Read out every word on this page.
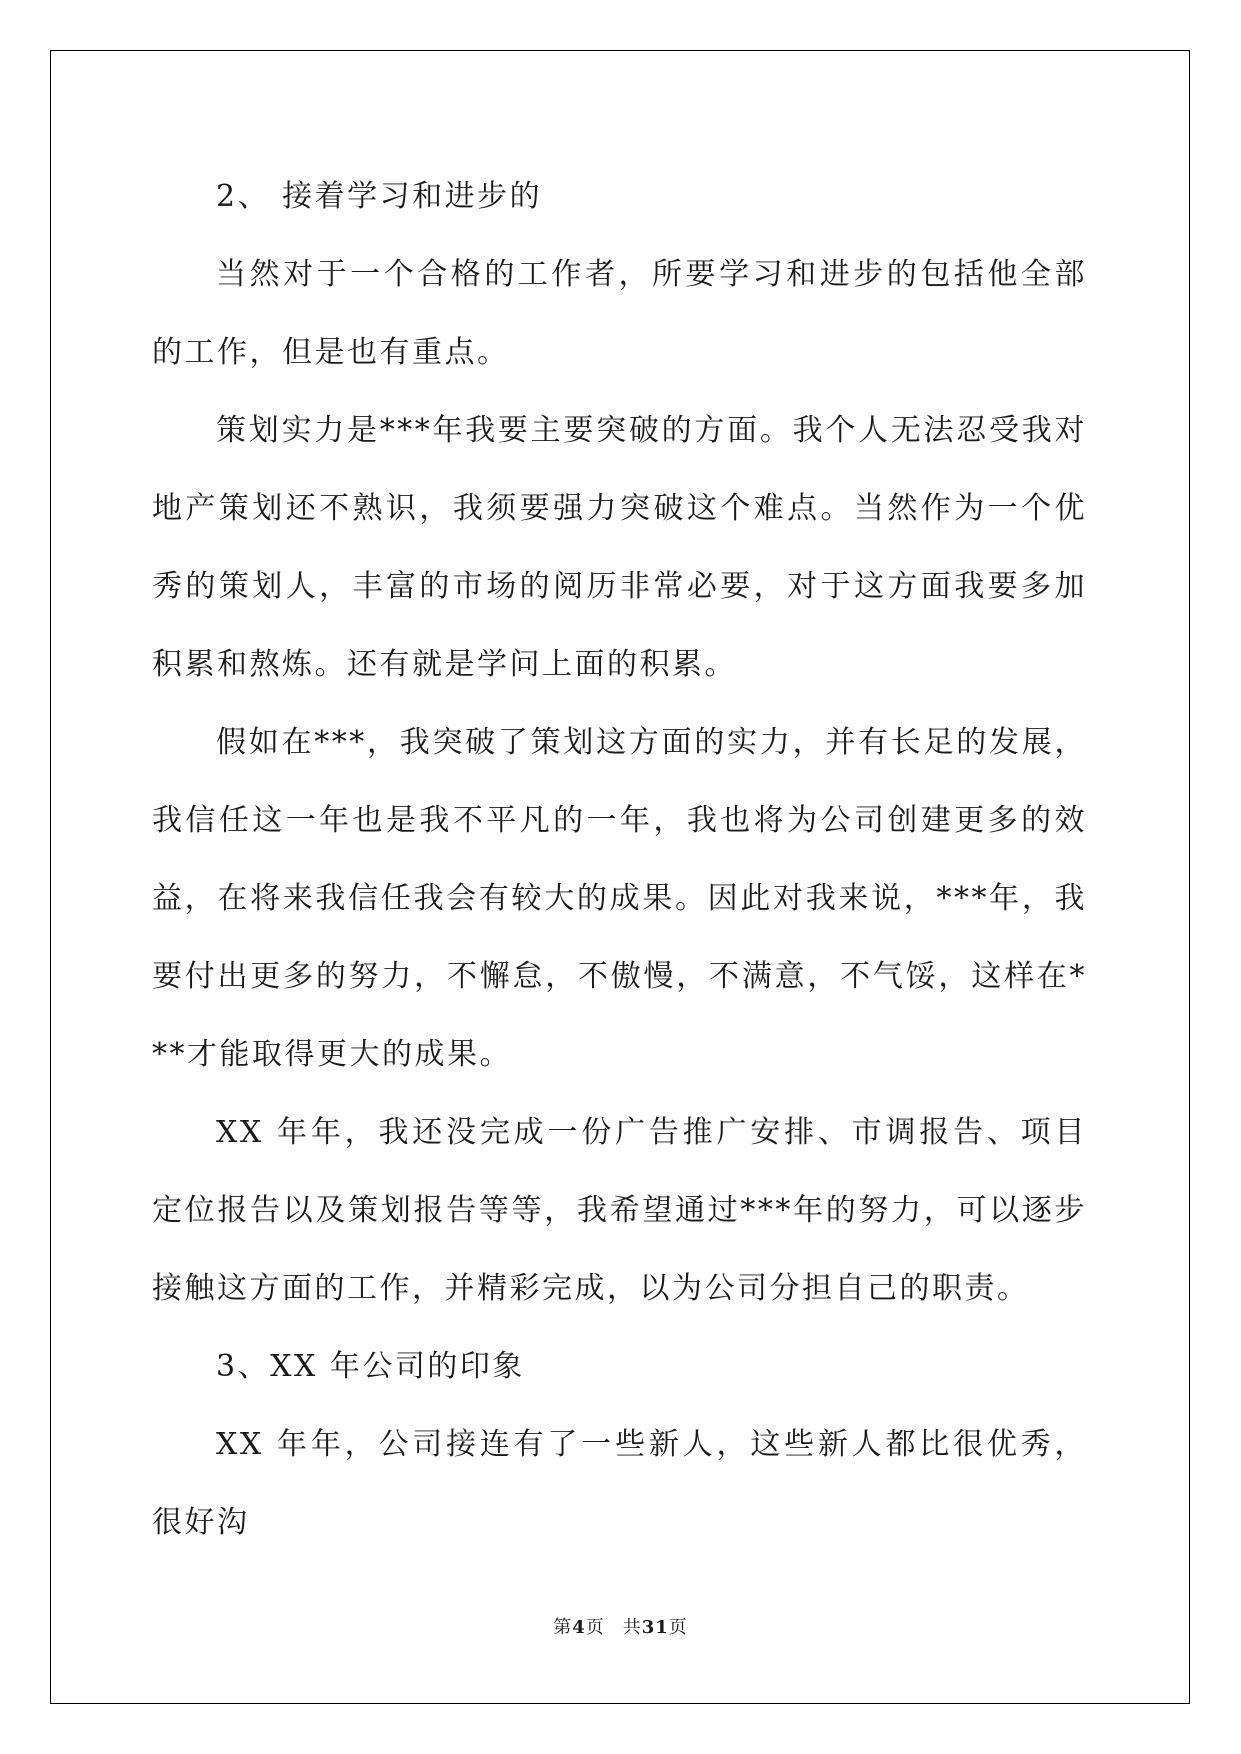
2、 接着学习和进步的

当然对于一个合格的工作者，所要学习和进步的包括他全部的工作，但是也有重点。

策划实力是***年我要主要突破的方面。我个人无法忍受我对地产策划还不熟识，我须要强力突破这个难点。当然作为一个优秀的策划人，丰富的市场的阅历非常必要，对于这方面我要多加积累和熬炼。还有就是学问上面的积累。

假如在***，我突破了策划这方面的实力，并有长足的发展，我信任这一年也是我不平凡的一年，我也将为公司创建更多的效益，在将来我信任我会有较大的成果。因此对我来说，***年，我要付出更多的努力，不懈怠，不傲慢，不满意，不气馁，这样在***才能取得更大的成果。

XX 年年，我还没完成一份广告推广安排、市调报告、项目定位报告以及策划报告等等，我希望通过***年的努力，可以逐步接触这方面的工作，并精彩完成，以为公司分担自己的职责。

3、XX 年公司的印象

XX 年年，公司接连有了一些新人，这些新人都比很优秀，很好沟

第4页 共31页
